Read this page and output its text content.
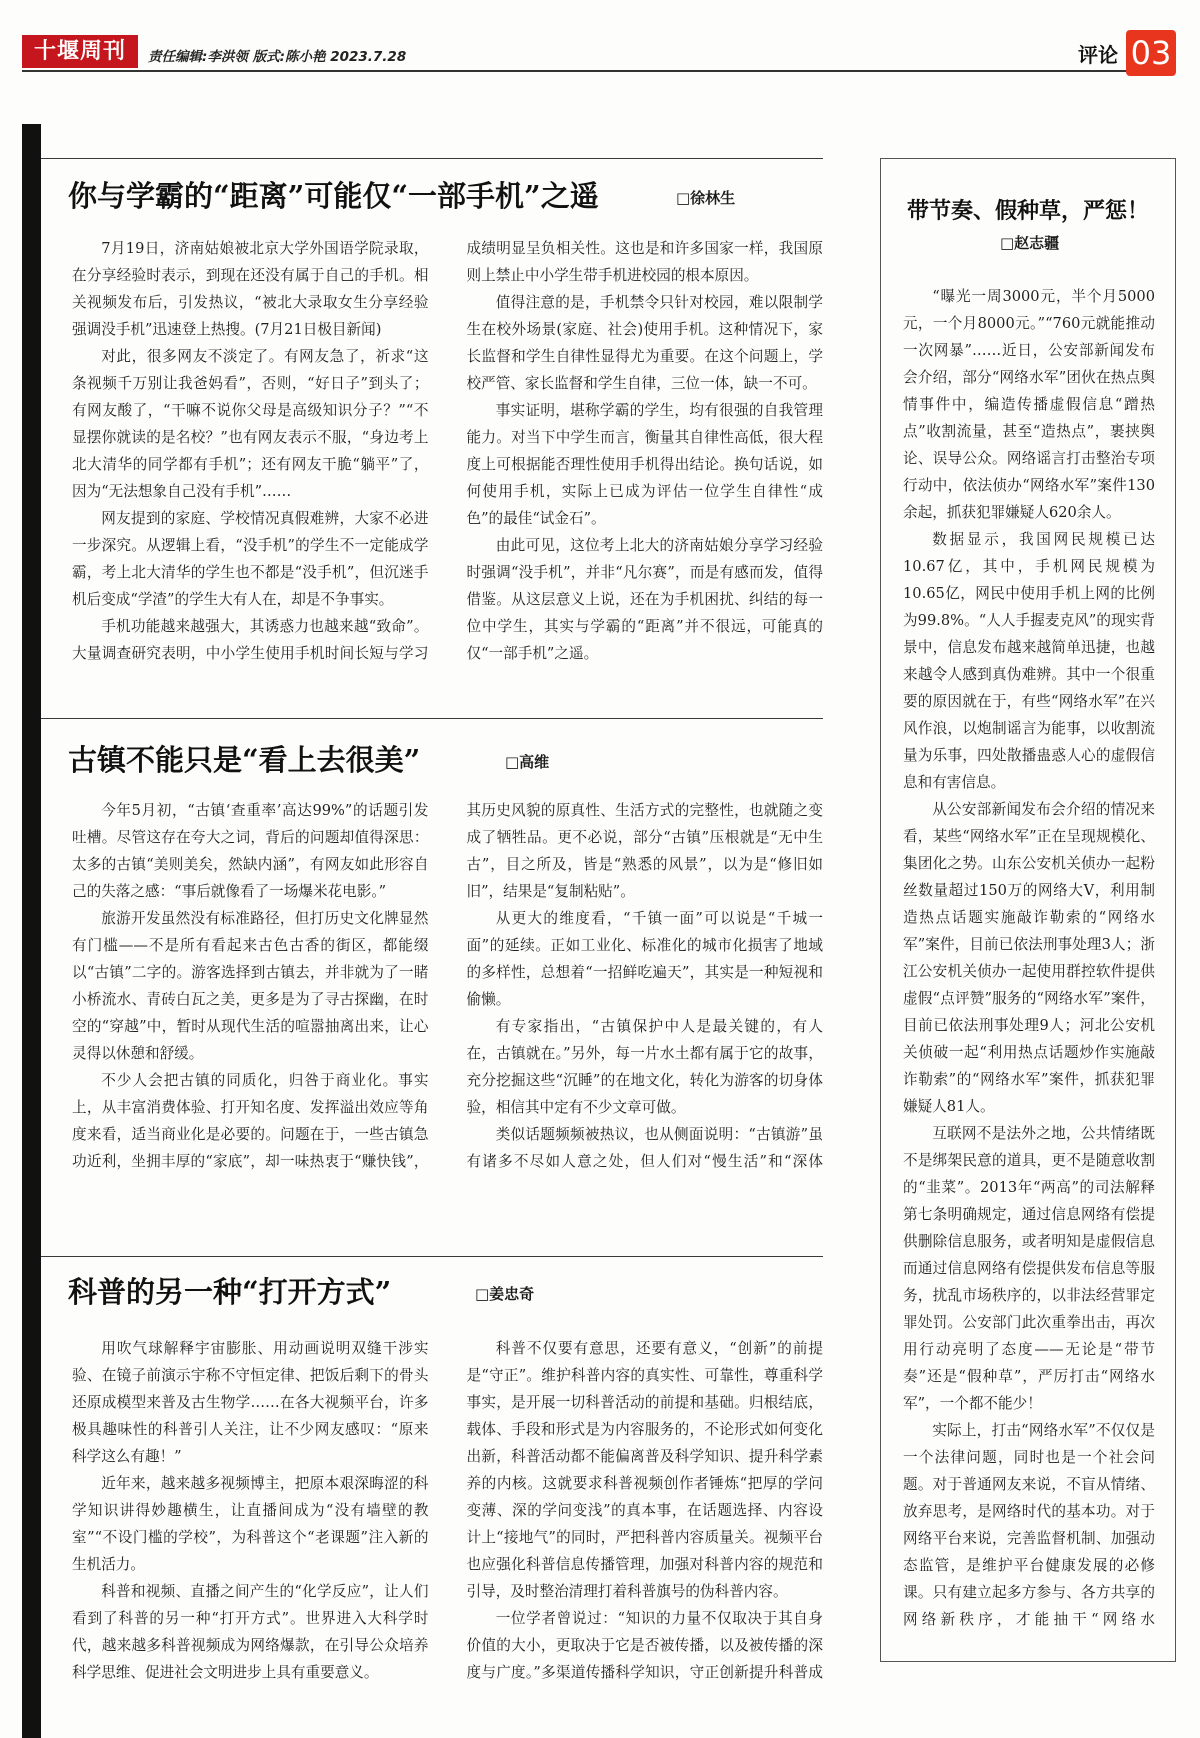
十堰周刊	责任编辑:李洪领 版式:陈小艳 2023.7.28	评论 03
你与学霸的“距离”可能仅“一部手机”之遥	□徐林生

7月19日，济南姑娘被北京大学外国语学院录取，在分享经验时表示，到现在还没有属于自己的手机。相关视频发布后，引发热议，“被北大录取女生分享经验强调没手机”迅速登上热搜。(7月21日极目新闻)

对此，很多网友不淡定了。有网友急了，祈求“这条视频千万别让我爸妈看”，否则，“好日子”到头了；有网友酸了，“干嘛不说你父母是高级知识分子？”“不显摆你就读的是名校？”也有网友表示不服，“身边考上北大清华的同学都有手机”；还有网友干脆“躺平”了，因为“无法想象自己没有手机”……

网友提到的家庭、学校情况真假难辨，大家不必进一步深究。从逻辑上看，“没手机”的学生不一定能成学霸，考上北大清华的学生也不都是“没手机”，但沉迷手机后变成“学渣”的学生大有人在，却是不争事实。

手机功能越来越强大，其诱惑力也越来越“致命”。大量调查研究表明，中小学生使用手机时间长短与学习成绩明显呈负相关性。这也是和许多国家一样，我国原则上禁止中小学生带手机进校园的根本原因。

值得注意的是，手机禁令只针对校园，难以限制学生在校外场景(家庭、社会)使用手机。这种情况下，家长监督和学生自律性显得尤为重要。在这个问题上，学校严管、家长监督和学生自律，三位一体，缺一不可。

事实证明，堪称学霸的学生，均有很强的自我管理能力。对当下中学生而言，衡量其自律性高低，很大程度上可根据能否理性使用手机得出结论。换句话说，如何使用手机，实际上已成为评估一位学生自律性“成色”的最佳“试金石”。

由此可见，这位考上北大的济南姑娘分享学习经验时强调“没手机”，并非“凡尔赛”，而是有感而发，值得借鉴。从这层意义上说，还在为手机困扰、纠结的每一位中学生，其实与学霸的“距离”并不很远，可能真的仅“一部手机”之遥。

古镇不能只是“看上去很美”	□高维

今年5月初，“古镇‘查重率’高达99%”的话题引发吐槽。尽管这存在夸大之词，背后的问题却值得深思：太多的古镇“美则美矣，然缺内涵”，有网友如此形容自己的失落之感：“事后就像看了一场爆米花电影。”

旅游开发虽然没有标准路径，但打历史文化牌显然有门槛——不是所有看起来古色古香的街区，都能缀以“古镇”二字的。游客选择到古镇去，并非就为了一睹小桥流水、青砖白瓦之美，更多是为了寻古探幽，在时空的“穿越”中，暂时从现代生活的喧嚣抽离出来，让心灵得以休憩和舒缓。

不少人会把古镇的同质化，归咎于商业化。事实上，从丰富消费体验、打开知名度、发挥溢出效应等角度来看，适当商业化是必要的。问题在于，一些古镇急功近利，坐拥丰厚的“家底”，却一味热衷于“赚快钱”，其历史风貌的原真性、生活方式的完整性，也就随之变成了牺牲品。更不必说，部分“古镇”压根就是“无中生古”，目之所及，皆是“熟悉的风景”，以为是“修旧如旧”，结果是“复制粘贴”。

从更大的维度看，“千镇一面”可以说是“千城一面”的延续。正如工业化、标准化的城市化损害了地域的多样性，总想着“一招鲜吃遍天”，其实是一种短视和偷懒。

有专家指出，“古镇保护中人是最关键的，有人在，古镇就在。”另外，每一片水土都有属于它的故事，充分挖掘这些“沉睡”的在地文化，转化为游客的切身体验，相信其中定有不少文章可做。

类似话题频频被热议，也从侧面说明：“古镇游”虽有诸多不尽如人意之处，但人们对“慢生活”和“深体

科普的另一种“打开方式”	□姜忠奇

用吹气球解释宇宙膨胀、用动画说明双缝干涉实验、在镜子前演示宇称不守恒定律、把饭后剩下的骨头还原成模型来普及古生物学……在各大视频平台，许多极具趣味性的科普引人关注，让不少网友感叹：“原来科学这么有趣！”

近年来，越来越多视频博主，把原本艰深晦涩的科学知识讲得妙趣横生，让直播间成为“没有墙壁的教室”“不设门槛的学校”，为科普这个“老课题”注入新的生机活力。

科普和视频、直播之间产生的“化学反应”，让人们看到了科普的另一种“打开方式”。世界进入大科学时代，越来越多科普视频成为网络爆款，在引导公众培养科学思维、促进社会文明进步上具有重要意义。

科普不仅要有意思，还要有意义，“创新”的前提是“守正”。维护科普内容的真实性、可靠性，尊重科学事实，是开展一切科普活动的前提和基础。归根结底，载体、手段和形式是为内容服务的，不论形式如何变化出新，科普活动都不能偏离普及科学知识、提升科学素养的内核。这就要求科普视频创作者锤炼“把厚的学问变薄、深的学问变浅”的真本事，在话题选择、内容设计上“接地气”的同时，严把科普内容质量关。视频平台也应强化科普信息传播管理，加强对科普内容的规范和引导，及时整治清理打着科普旗号的伪科普内容。

一位学者曾说过：“知识的力量不仅取决于其自身价值的大小，更取决于它是否被传播，以及被传播的深度与广度。”多渠道传播科学知识，守正创新提升科普成

带节奏、假种草，严惩！
□赵志疆

“曝光一周3000元，半个月5000元，一个月8000元。”“760元就能推动一次网暴”……近日，公安部新闻发布会介绍，部分“网络水军”团伙在热点舆情事件中，编造传播虚假信息“蹭热点”收割流量，甚至“造热点”，裹挟舆论、误导公众。网络谣言打击整治专项行动中，依法侦办“网络水军”案件130余起，抓获犯罪嫌疑人620余人。

数据显示，我国网民规模已达10.67亿，其中，手机网民规模为10.65亿，网民中使用手机上网的比例为99.8%。“人人手握麦克风”的现实背景中，信息发布越来越简单迅捷，也越来越令人感到真伪难辨。其中一个很重要的原因就在于，有些“网络水军”在兴风作浪，以炮制谣言为能事，以收割流量为乐事，四处散播蛊惑人心的虚假信息和有害信息。

从公安部新闻发布会介绍的情况来看，某些“网络水军”正在呈现规模化、集团化之势。山东公安机关侦办一起粉丝数量超过150万的网络大V，利用制造热点话题实施敲诈勒索的“网络水军”案件，目前已依法刑事处理3人；浙江公安机关侦办一起使用群控软件提供虚假“点评赞”服务的“网络水军”案件，目前已依法刑事处理9人；河北公安机关侦破一起“利用热点话题炒作实施敲诈勒索”的“网络水军”案件，抓获犯罪嫌疑人81人。

互联网不是法外之地，公共情绪既不是绑架民意的道具，更不是随意收割的“韭菜”。2013年“两高”的司法解释第七条明确规定，通过信息网络有偿提供删除信息服务，或者明知是虚假信息而通过信息网络有偿提供发布信息等服务，扰乱市场秩序的，以非法经营罪定罪处罚。公安部门此次重拳出击，再次用行动亮明了态度——无论是“带节奏”还是“假种草”，严厉打击“网络水军”，一个都不能少！

实际上，打击“网络水军”不仅仅是一个法律问题，同时也是一个社会问题。对于普通网友来说，不盲从情绪、放弃思考，是网络时代的基本功。对于网络平台来说，完善监督机制、加强动态监管，是维护平台健康发展的必修课。只有建立起多方参与、各方共享的网络新秩序，才能抽干“网络水
